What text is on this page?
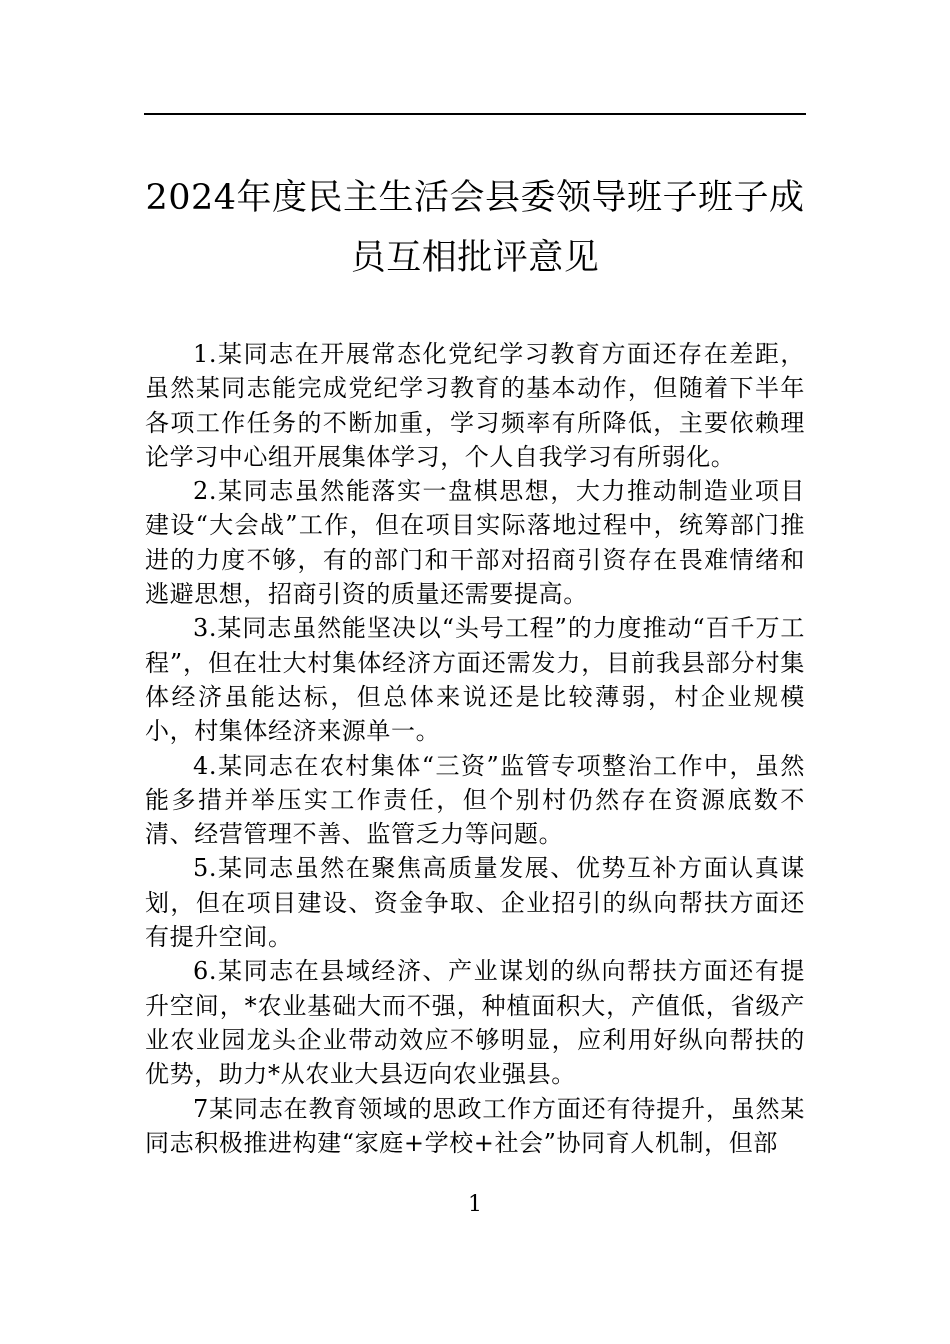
2024年度民主生活会县委领导班子班子成员互相批评意见

1.某同志在开展常态化党纪学习教育方面还存在差距，虽然某同志能完成党纪学习教育的基本动作，但随着下半年各项工作任务的不断加重，学习频率有所降低，主要依赖理论学习中心组开展集体学习，个人自我学习有所弱化。

2.某同志虽然能落实一盘棋思想，大力推动制造业项目建设“大会战”工作，但在项目实际落地过程中，统筹部门推进的力度不够，有的部门和干部对招商引资存在畏难情绪和逃避思想，招商引资的质量还需要提高。

3.某同志虽然能坚决以“头号工程”的力度推动“百千万工程”，但在壮大村集体经济方面还需发力，目前我县部分村集体经济虽能达标，但总体来说还是比较薄弱，村企业规模小，村集体经济来源单一。

4.某同志在农村集体“三资”监管专项整治工作中，虽然能多措并举压实工作责任，但个别村仍然存在资源底数不清、经营管理不善、监管乏力等问题。

5.某同志虽然在聚焦高质量发展、优势互补方面认真谋划，但在项目建设、资金争取、企业招引的纵向帮扶方面还有提升空间。

6.某同志在县域经济、产业谋划的纵向帮扶方面还有提升空间，*农业基础大而不强，种植面积大，产值低，省级产业农业园龙头企业带动效应不够明显，应利用好纵向帮扶的优势，助力*从农业大县迈向农业强县。

7某同志在教育领域的思政工作方面还有待提升，虽然某同志积极推进构建“家庭+学校+社会”协同育人机制，但部

1
